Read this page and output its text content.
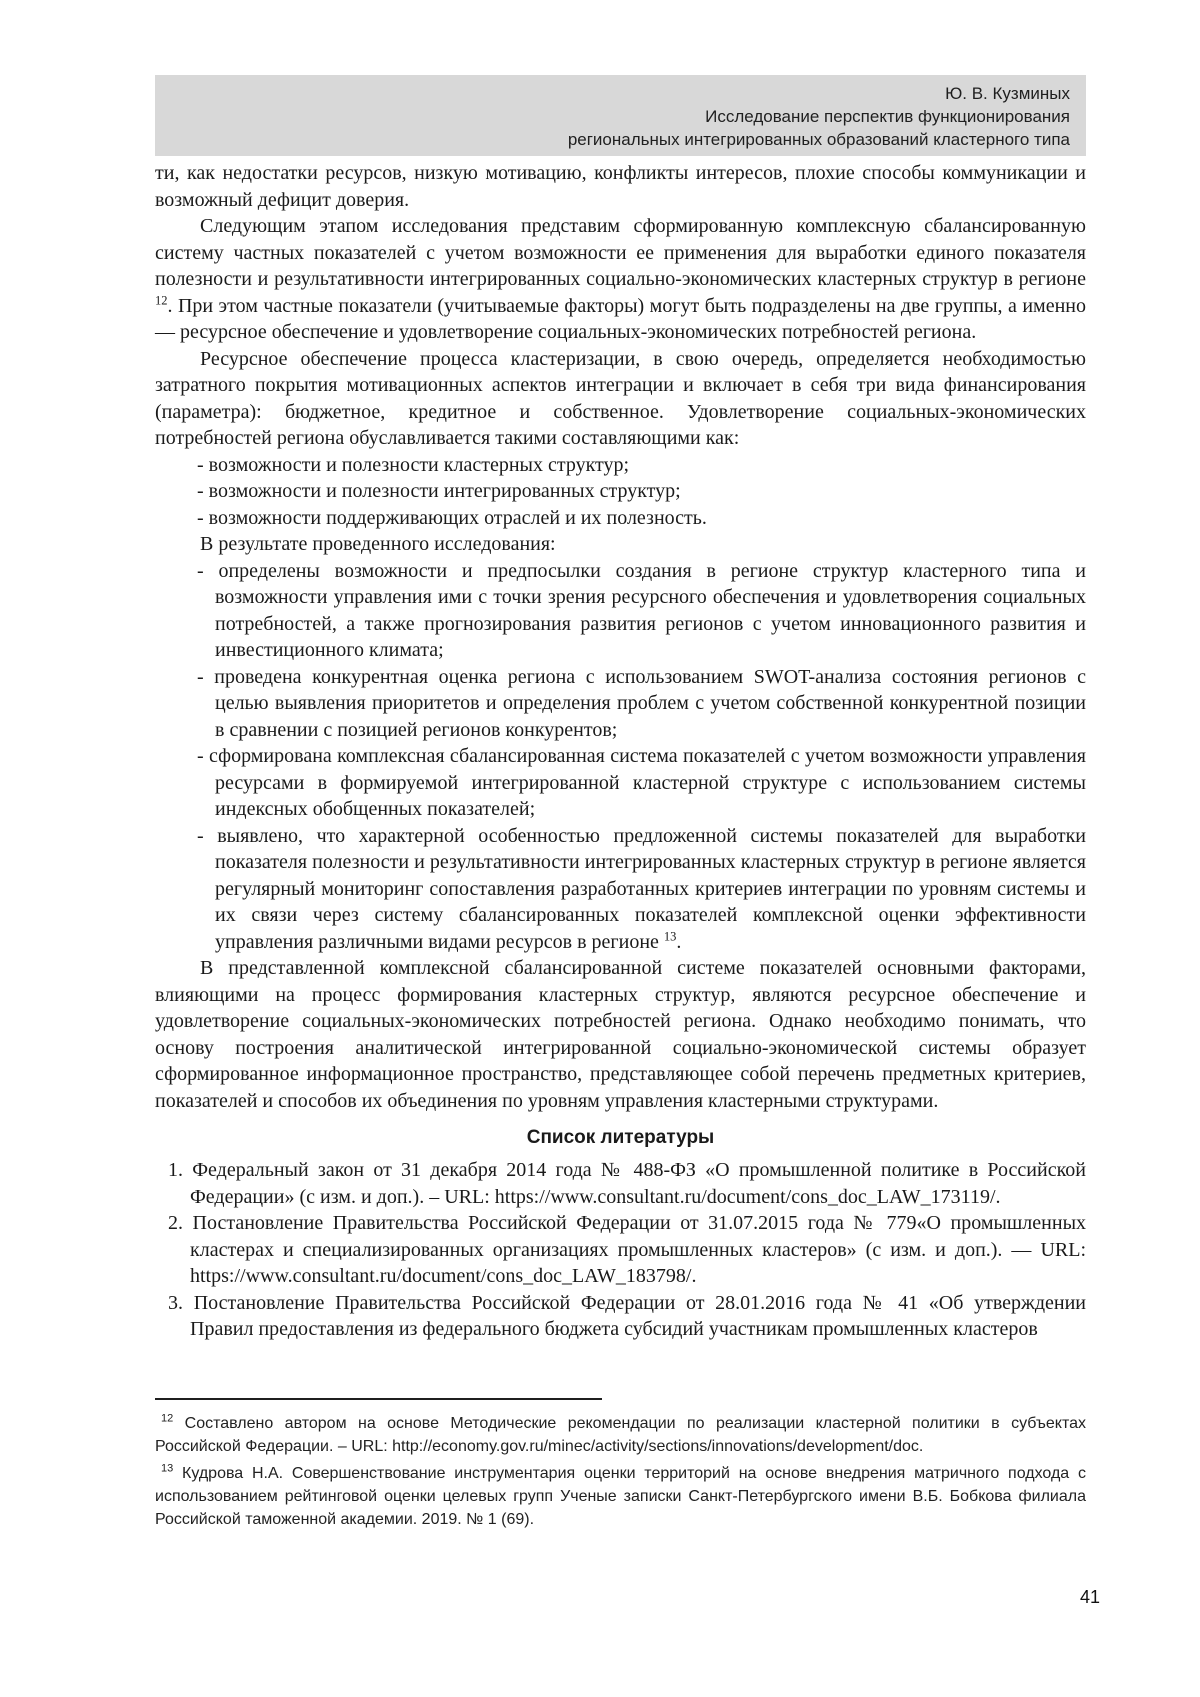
Ю. В. Кузминых
Исследование перспектив функционирования
региональных интегрированных образований кластерного типа

ти, как недостатки ресурсов, низкую мотивацию, конфликты интересов, плохие способы коммуникации и возможный дефицит доверия.

Следующим этапом исследования представим сформированную комплексную сбалансированную систему частных показателей с учетом возможности ее применения для выработки единого показателя полезности и результативности интегрированных социально-экономических кластерных структур в регионе $^{12}$. При этом частные показатели (учитываемые факторы) могут быть подразделены на две группы, а именно — ресурсное обеспечение и удовлетворение социальных-экономических потребностей региона.

Ресурсное обеспечение процесса кластеризации, в свою очередь, определяется необходимостью затратного покрытия мотивационных аспектов интеграции и включает в себя три вида финансирования (параметра): бюджетное, кредитное и собственное. Удовлетворение социальных-экономических потребностей региона обуславливается такими составляющими как:

- возможности и полезности кластерных структур;

- возможности и полезности интегрированных структур;

- возможности поддерживающих отраслей и их полезность.

В результате проведенного исследования:

- определены возможности и предпосылки создания в регионе структур кластерного типа и возможности управления ими с точки зрения ресурсного обеспечения и удовлетворения социальных потребностей, а также прогнозирования развития регионов с учетом инновационного развития и инвестиционного климата;

- проведена конкурентная оценка региона с использованием SWOT-анализа состояния регионов с целью выявления приоритетов и определения проблем с учетом собственной конкурентной позиции в сравнении с позицией регионов конкурентов;

- сформирована комплексная сбалансированная система показателей с учетом возможности управления ресурсами в формируемой интегрированной кластерной структуре с использованием системы индексных обобщенных показателей;

- выявлено, что характерной особенностью предложенной системы показателей для выработки показателя полезности и результативности интегрированных кластерных структур в регионе является регулярный мониторинг сопоставления разработанных критериев интеграции по уровням системы и их связи через систему сбалансированных показателей комплексной оценки эффективности управления различными видами ресурсов в регионе $^{13}$.

В представленной комплексной сбалансированной системе показателей основными факторами, влияющими на процесс формирования кластерных структур, являются ресурсное обеспечение и удовлетворение социальных-экономических потребностей региона. Однако необходимо понимать, что основу построения аналитической интегрированной социально-экономической системы образует сформированное информационное пространство, представляющее собой перечень предметных критериев, показателей и способов их объединения по уровням управления кластерными структурами.

Список литературы

1. Федеральный закон от 31 декабря 2014 года № 488-ФЗ «О промышленной политике в Российской Федерации» (с изм. и доп.). – URL: https://www.consultant.ru/document/cons_doc_LAW_173119/.

2. Постановление Правительства Российской Федерации от 31.07.2015 года № 779«О промышленных кластерах и специализированных организациях промышленных кластеров» (с изм. и доп.). — URL: https://www.consultant.ru/document/cons_doc_LAW_183798/.

3. Постановление Правительства Российской Федерации от 28.01.2016 года № 41 «Об утверждении Правил предоставления из федерального бюджета субсидий участникам промышленных кластеров

$^{12}$ Составлено автором на основе Методические рекомендации по реализации кластерной политики в субъектах Российской Федерации. – URL: http://economy.gov.ru/minec/activity/sections/innovations/development/doc.

$^{13}$ Кудрова Н.А. Совершенствование инструментария оценки территорий на основе внедрения матричного подхода с использованием рейтинговой оценки целевых групп Ученые записки Санкт-Петербургского имени В.Б. Бобкова филиала Российской таможенной академии. 2019. № 1 (69).

41
